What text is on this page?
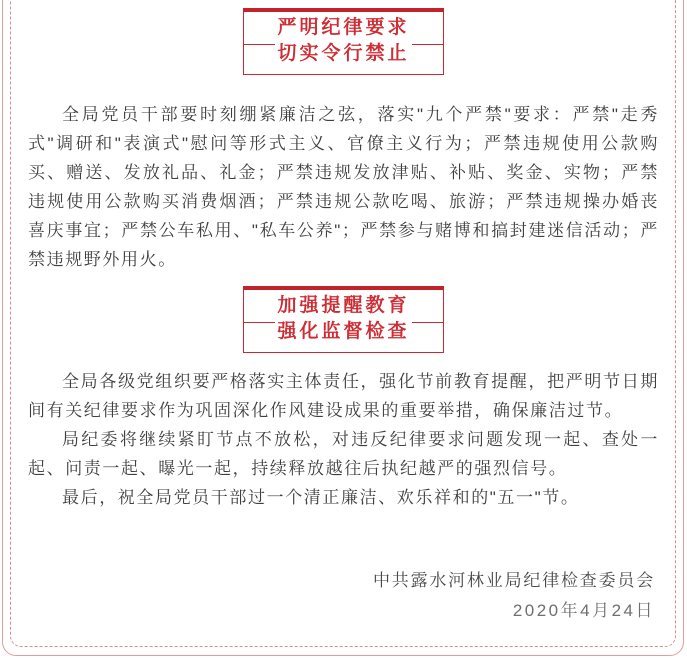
严明纪律要求
切实令行禁止

全局党员干部要时刻绷紧廉洁之弦，落实"九个严禁"要求：严禁"走秀式"调研和"表演式"慰问等形式主义、官僚主义行为；严禁违规使用公款购买、赠送、发放礼品、礼金；严禁违规发放津贴、补贴、奖金、实物；严禁违规使用公款购买消费烟酒；严禁违规公款吃喝、旅游；严禁违规操办婚丧喜庆事宜；严禁公车私用、"私车公养"；严禁参与赌博和搞封建迷信活动；严禁违规野外用火。

加强提醒教育
强化监督检查

全局各级党组织要严格落实主体责任，强化节前教育提醒，把严明节日期间有关纪律要求作为巩固深化作风建设成果的重要举措，确保廉洁过节。

局纪委将继续紧盯节点不放松，对违反纪律要求问题发现一起、查处一起、问责一起、曝光一起，持续释放越往后执纪越严的强烈信号。

最后，祝全局党员干部过一个清正廉洁、欢乐祥和的"五一"节。

中共露水河林业局纪律检查委员会
2020年4月24日
